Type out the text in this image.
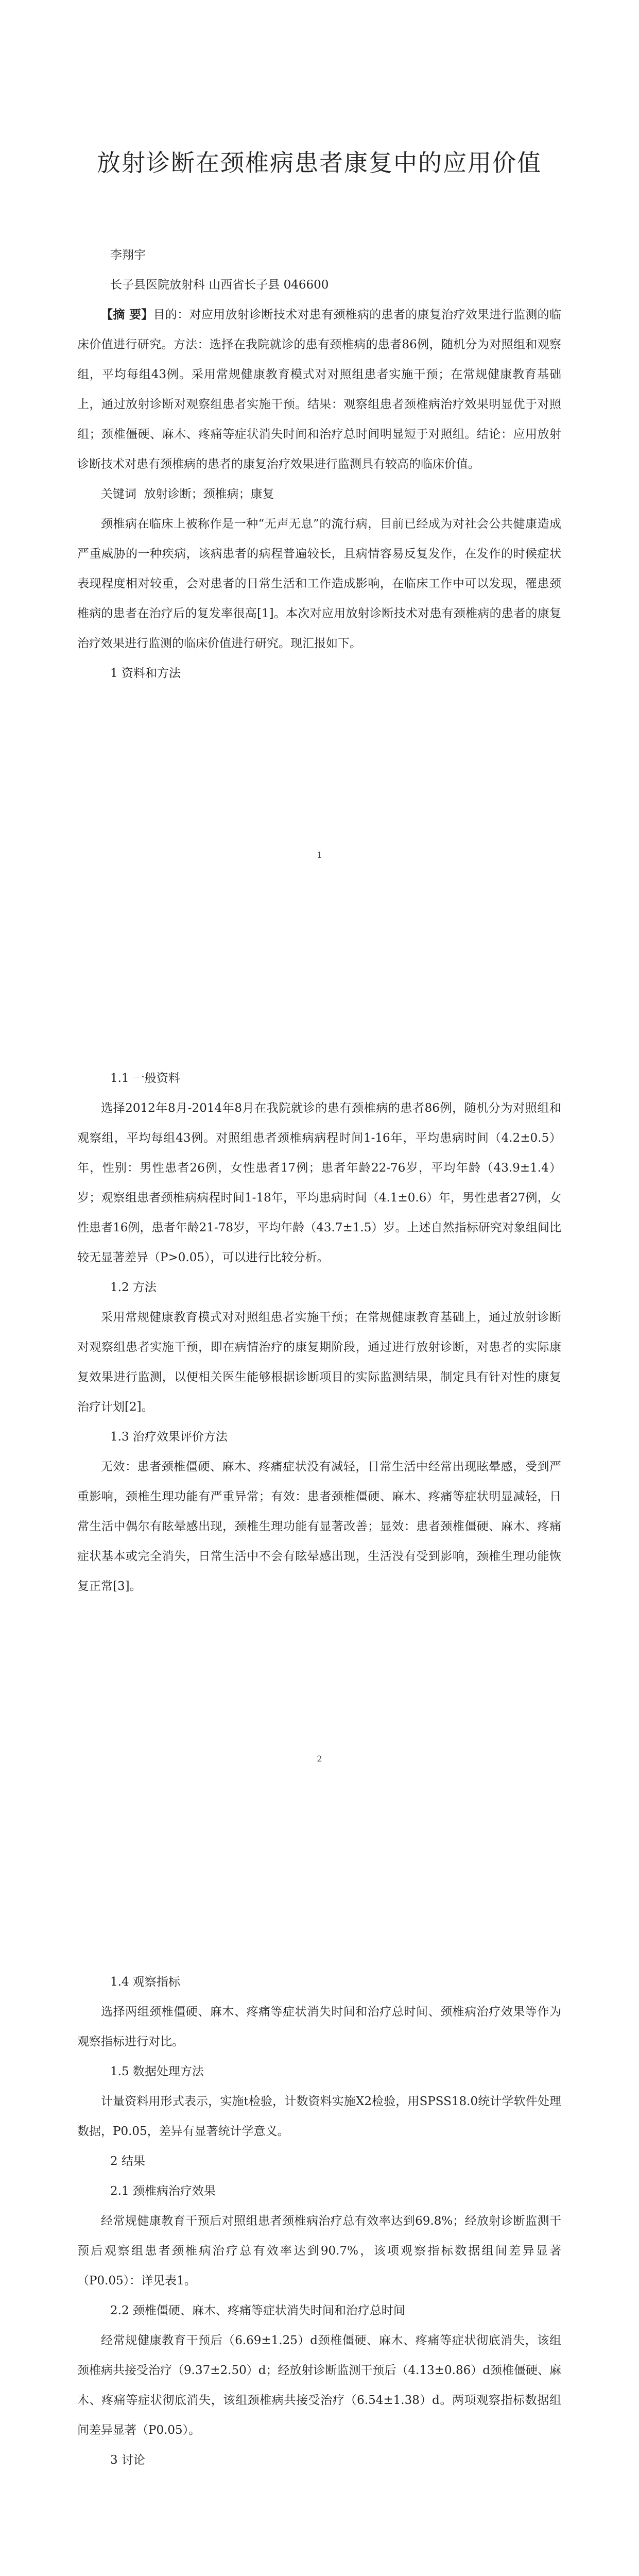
放射诊断在颈椎病患者康复中的应用价值

李翔宇

长子县医院放射科 山西省长子县 046600

【摘 要】目的：对应用放射诊断技术对患有颈椎病的患者的康复治疗效果进行监测的临床价值进行研究。方法：选择在我院就诊的患有颈椎病的患者86例，随机分为对照组和观察组，平均每组43例。采用常规健康教育模式对对照组患者实施干预；在常规健康教育基础上，通过放射诊断对观察组患者实施干预。结果：观察组患者颈椎病治疗效果明显优于对照组；颈椎僵硬、麻木、疼痛等症状消失时间和治疗总时间明显短于对照组。结论：应用放射诊断技术对患有颈椎病的患者的康复治疗效果进行监测具有较高的临床价值。

关键词 放射诊断；颈椎病；康复

颈椎病在临床上被称作是一种“无声无息”的流行病，目前已经成为对社会公共健康造成严重威胁的一种疾病，该病患者的病程普遍较长，且病情容易反复发作，在发作的时候症状表现程度相对较重，会对患者的日常生活和工作造成影响，在临床工作中可以发现，罹患颈椎病的患者在治疗后的复发率很高[1]。本次对应用放射诊断技术对患有颈椎病的患者的康复治疗效果进行监测的临床价值进行研究。现汇报如下。

1 资料和方法

1

1.1 一般资料

选择2012年8月-2014年8月在我院就诊的患有颈椎病的患者86例，随机分为对照组和观察组，平均每组43例。对照组患者颈椎病病程时间1-16年，平均患病时间（4.2±0.5）年，性别：男性患者26例，女性患者17例；患者年龄22-76岁，平均年龄（43.9±1.4）岁；观察组患者颈椎病病程时间1-18年，平均患病时间（4.1±0.6）年，男性患者27例，女性患者16例，患者年龄21-78岁，平均年龄（43.7±1.5）岁。上述自然指标研究对象组间比较无显著差异（P>0.05），可以进行比较分析。

1.2 方法

采用常规健康教育模式对对照组患者实施干预；在常规健康教育基础上，通过放射诊断对观察组患者实施干预，即在病情治疗的康复期阶段，通过进行放射诊断，对患者的实际康复效果进行监测，以便相关医生能够根据诊断项目的实际监测结果，制定具有针对性的康复治疗计划[2]。

1.3 治疗效果评价方法

无效：患者颈椎僵硬、麻木、疼痛症状没有减轻，日常生活中经常出现眩晕感，受到严重影响，颈椎生理功能有严重异常；有效：患者颈椎僵硬、麻木、疼痛等症状明显减轻，日常生活中偶尔有眩晕感出现，颈椎生理功能有显著改善；显效：患者颈椎僵硬、麻木、疼痛症状基本或完全消失，日常生活中不会有眩晕感出现，生活没有受到影响，颈椎生理功能恢复正常[3]。

2

1.4 观察指标

选择两组颈椎僵硬、麻木、疼痛等症状消失时间和治疗总时间、颈椎病治疗效果等作为观察指标进行对比。

1.5 数据处理方法

计量资料用形式表示，实施t检验，计数资料实施X2检验，用SPSS18.0统计学软件处理数据，P0.05，差异有显著统计学意义。

2 结果

2.1 颈椎病治疗效果

经常规健康教育干预后对照组患者颈椎病治疗总有效率达到69.8%；经放射诊断监测干预后观察组患者颈椎病治疗总有效率达到90.7%，该项观察指标数据组间差异显著（P0.05）：详见表1。

2.2 颈椎僵硬、麻木、疼痛等症状消失时间和治疗总时间

经常规健康教育干预后（6.69±1.25）d颈椎僵硬、麻木、疼痛等症状彻底消失，该组颈椎病共接受治疗（9.37±2.50）d；经放射诊断监测干预后（4.13±0.86）d颈椎僵硬、麻木、疼痛等症状彻底消失，该组颈椎病共接受治疗（6.54±1.38）d。两项观察指标数据组间差异显著（P0.05）。

3 讨论
